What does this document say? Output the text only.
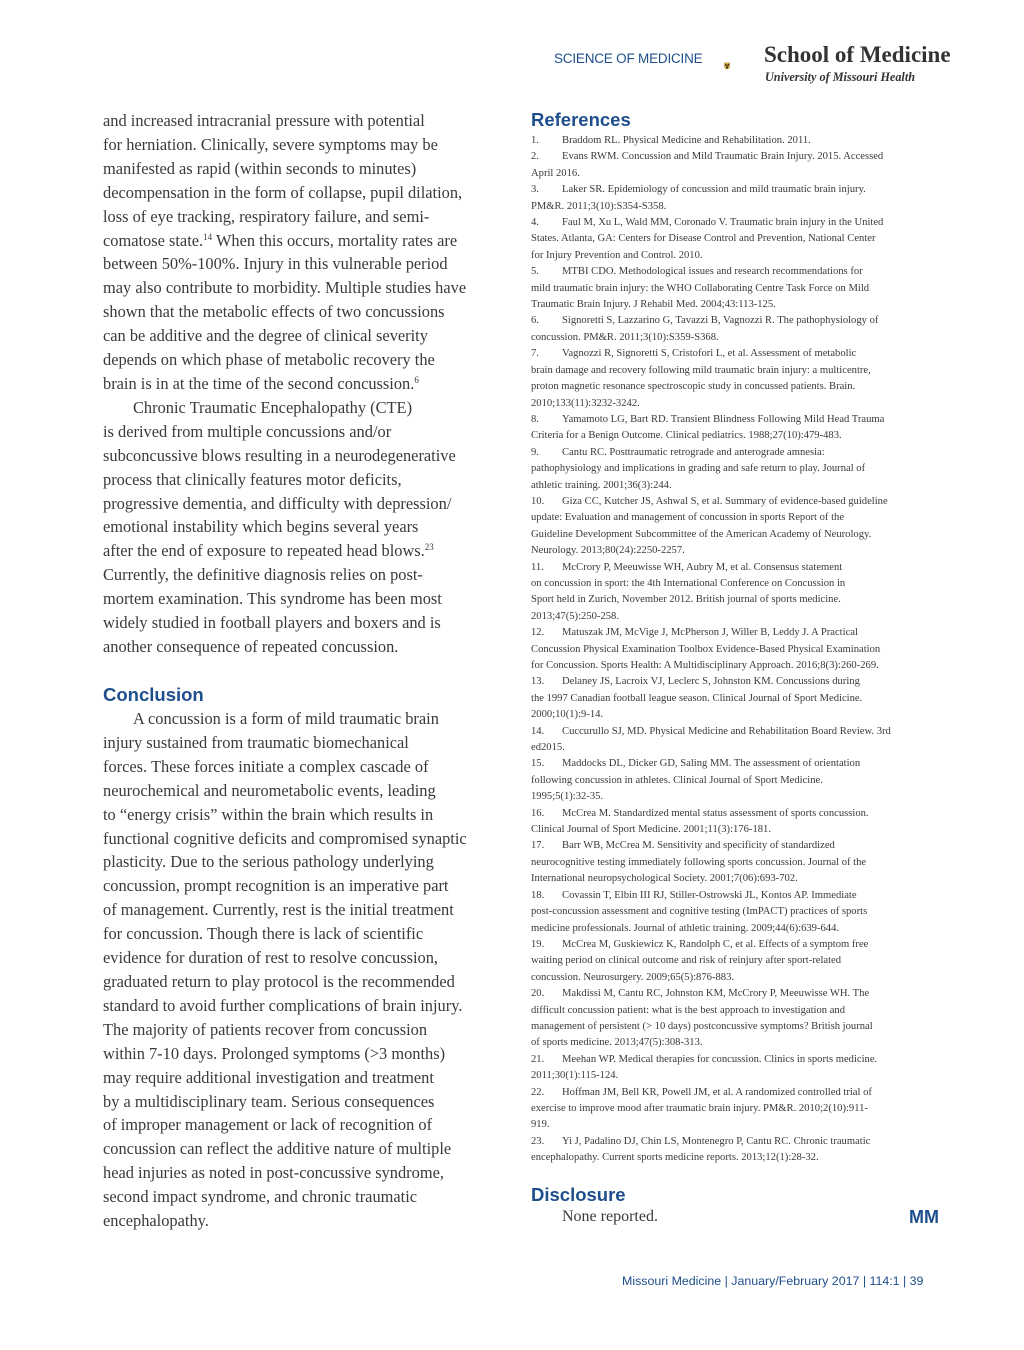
SCIENCE OF MEDICINE	School of Medicine
University of Missouri Health

and increased intracranial pressure with potential

for herniation. Clinically, severe symptoms may be

manifested as rapid (within seconds to minutes)

decompensation in the form of collapse, pupil dilation,

loss of eye tracking, respiratory failure, and semi-

comatose state.$^{14}$ When this occurs, mortality rates are

between 50%-100%. Injury in this vulnerable period

may also contribute to morbidity. Multiple studies have

shown that the metabolic effects of two concussions

can be additive and the degree of clinical severity

depends on which phase of metabolic recovery the

brain is in at the time of the second concussion.$^6$

Chronic Traumatic Encephalopathy (CTE)

is derived from multiple concussions and/or

subconcussive blows resulting in a neurodegenerative

process that clinically features motor deficits,

progressive dementia, and difficulty with depression/

emotional instability which begins several years

after the end of exposure to repeated head blows.$^{23}$

Currently, the definitive diagnosis relies on post-

mortem examination. This syndrome has been most

widely studied in football players and boxers and is

another consequence of repeated concussion.

Conclusion

A concussion is a form of mild traumatic brain

injury sustained from traumatic biomechanical

forces. These forces initiate a complex cascade of

neurochemical and neurometabolic events, leading

to “energy crisis” within the brain which results in

functional cognitive deficits and compromised synaptic

plasticity. Due to the serious pathology underlying

concussion, prompt recognition is an imperative part

of management. Currently, rest is the initial treatment

for concussion. Though there is lack of scientific

evidence for duration of rest to resolve concussion,

graduated return to play protocol is the recommended

standard to avoid further complications of brain injury.

The majority of patients recover from concussion

within 7-10 days. Prolonged symptoms (>3 months)

may require additional investigation and treatment

by a multidisciplinary team. Serious consequences

of improper management or lack of recognition of

concussion can reflect the additive nature of multiple

head injuries as noted in post-concussive syndrome,

second impact syndrome, and chronic traumatic

encephalopathy.

References

1. Braddom RL. Physical Medicine and Rehabilitation. 2011.

2. Evans RWM. Concussion and Mild Traumatic Brain Injury. 2015. Accessed

April 2016.

3. Laker SR. Epidemiology of concussion and mild traumatic brain injury.

PM&R. 2011;3(10):S354-S358.

4. Faul M, Xu L, Wald MM, Coronado V. Traumatic brain injury in the United

States. Atlanta, GA: Centers for Disease Control and Prevention, National Center

for Injury Prevention and Control. 2010.

5. MTBI CDO. Methodological issues and research recommendations for

mild traumatic brain injury: the WHO Collaborating Centre Task Force on Mild

Traumatic Brain Injury. J Rehabil Med. 2004;43:113-125.

6. Signoretti S, Lazzarino G, Tavazzi B, Vagnozzi R. The pathophysiology of

concussion. PM&R. 2011;3(10):S359-S368.

7. Vagnozzi R, Signoretti S, Cristofori L, et al. Assessment of metabolic

brain damage and recovery following mild traumatic brain injury: a multicentre,

proton magnetic resonance spectroscopic study in concussed patients. Brain.

2010;133(11):3232-3242.

8. Yamamoto LG, Bart RD. Transient Blindness Following Mild Head Trauma

Criteria for a Benign Outcome. Clinical pediatrics. 1988;27(10):479-483.

9. Cantu RC. Posttraumatic retrograde and anterograde amnesia:

pathophysiology and implications in grading and safe return to play. Journal of

athletic training. 2001;36(3):244.

10. Giza CC, Kutcher JS, Ashwal S, et al. Summary of evidence-based guideline

update: Evaluation and management of concussion in sports Report of the

Guideline Development Subcommittee of the American Academy of Neurology.

Neurology. 2013;80(24):2250-2257.

11. McCrory P, Meeuwisse WH, Aubry M, et al. Consensus statement

on concussion in sport: the 4th International Conference on Concussion in

Sport held in Zurich, November 2012. British journal of sports medicine.

2013;47(5):250-258.

12. Matuszak JM, McVige J, McPherson J, Willer B, Leddy J. A Practical

Concussion Physical Examination Toolbox Evidence-Based Physical Examination

for Concussion. Sports Health: A Multidisciplinary Approach. 2016;8(3):260-269.

13. Delaney JS, Lacroix VJ, Leclerc S, Johnston KM. Concussions during

the 1997 Canadian football league season. Clinical Journal of Sport Medicine.

2000;10(1):9-14.

14. Cuccurullo SJ, MD. Physical Medicine and Rehabilitation Board Review. 3rd

ed2015.

15. Maddocks DL, Dicker GD, Saling MM. The assessment of orientation

following concussion in athletes. Clinical Journal of Sport Medicine.

1995;5(1):32-35.

16. McCrea M. Standardized mental status assessment of sports concussion.

Clinical Journal of Sport Medicine. 2001;11(3):176-181.

17. Barr WB, McCrea M. Sensitivity and specificity of standardized

neurocognitive testing immediately following sports concussion. Journal of the

International neuropsychological Society. 2001;7(06):693-702.

18. Covassin T, Elbin III RJ, Stiller-Ostrowski JL, Kontos AP. Immediate

post-concussion assessment and cognitive testing (ImPACT) practices of sports

medicine professionals. Journal of athletic training. 2009;44(6):639-644.

19. McCrea M, Guskiewicz K, Randolph C, et al. Effects of a symptom free

waiting period on clinical outcome and risk of reinjury after sport-related

concussion. Neurosurgery. 2009;65(5):876-883.

20. Makdissi M, Cantu RC, Johnston KM, McCrory P, Meeuwisse WH. The

difficult concussion patient: what is the best approach to investigation and

management of persistent (> 10 days) postconcussive symptoms? British journal

of sports medicine. 2013;47(5):308-313.

21. Meehan WP. Medical therapies for concussion. Clinics in sports medicine.

2011;30(1):115-124.

22. Hoffman JM, Bell KR, Powell JM, et al. A randomized controlled trial of

exercise to improve mood after traumatic brain injury. PM&R. 2010;2(10):911-

919.

23. Yi J, Padalino DJ, Chin LS, Montenegro P, Cantu RC. Chronic traumatic

encephalopathy. Current sports medicine reports. 2013;12(1):28-32.

Disclosure
None reported.	MM
Missouri Medicine | January/February 2017 | 114:1 | 39
